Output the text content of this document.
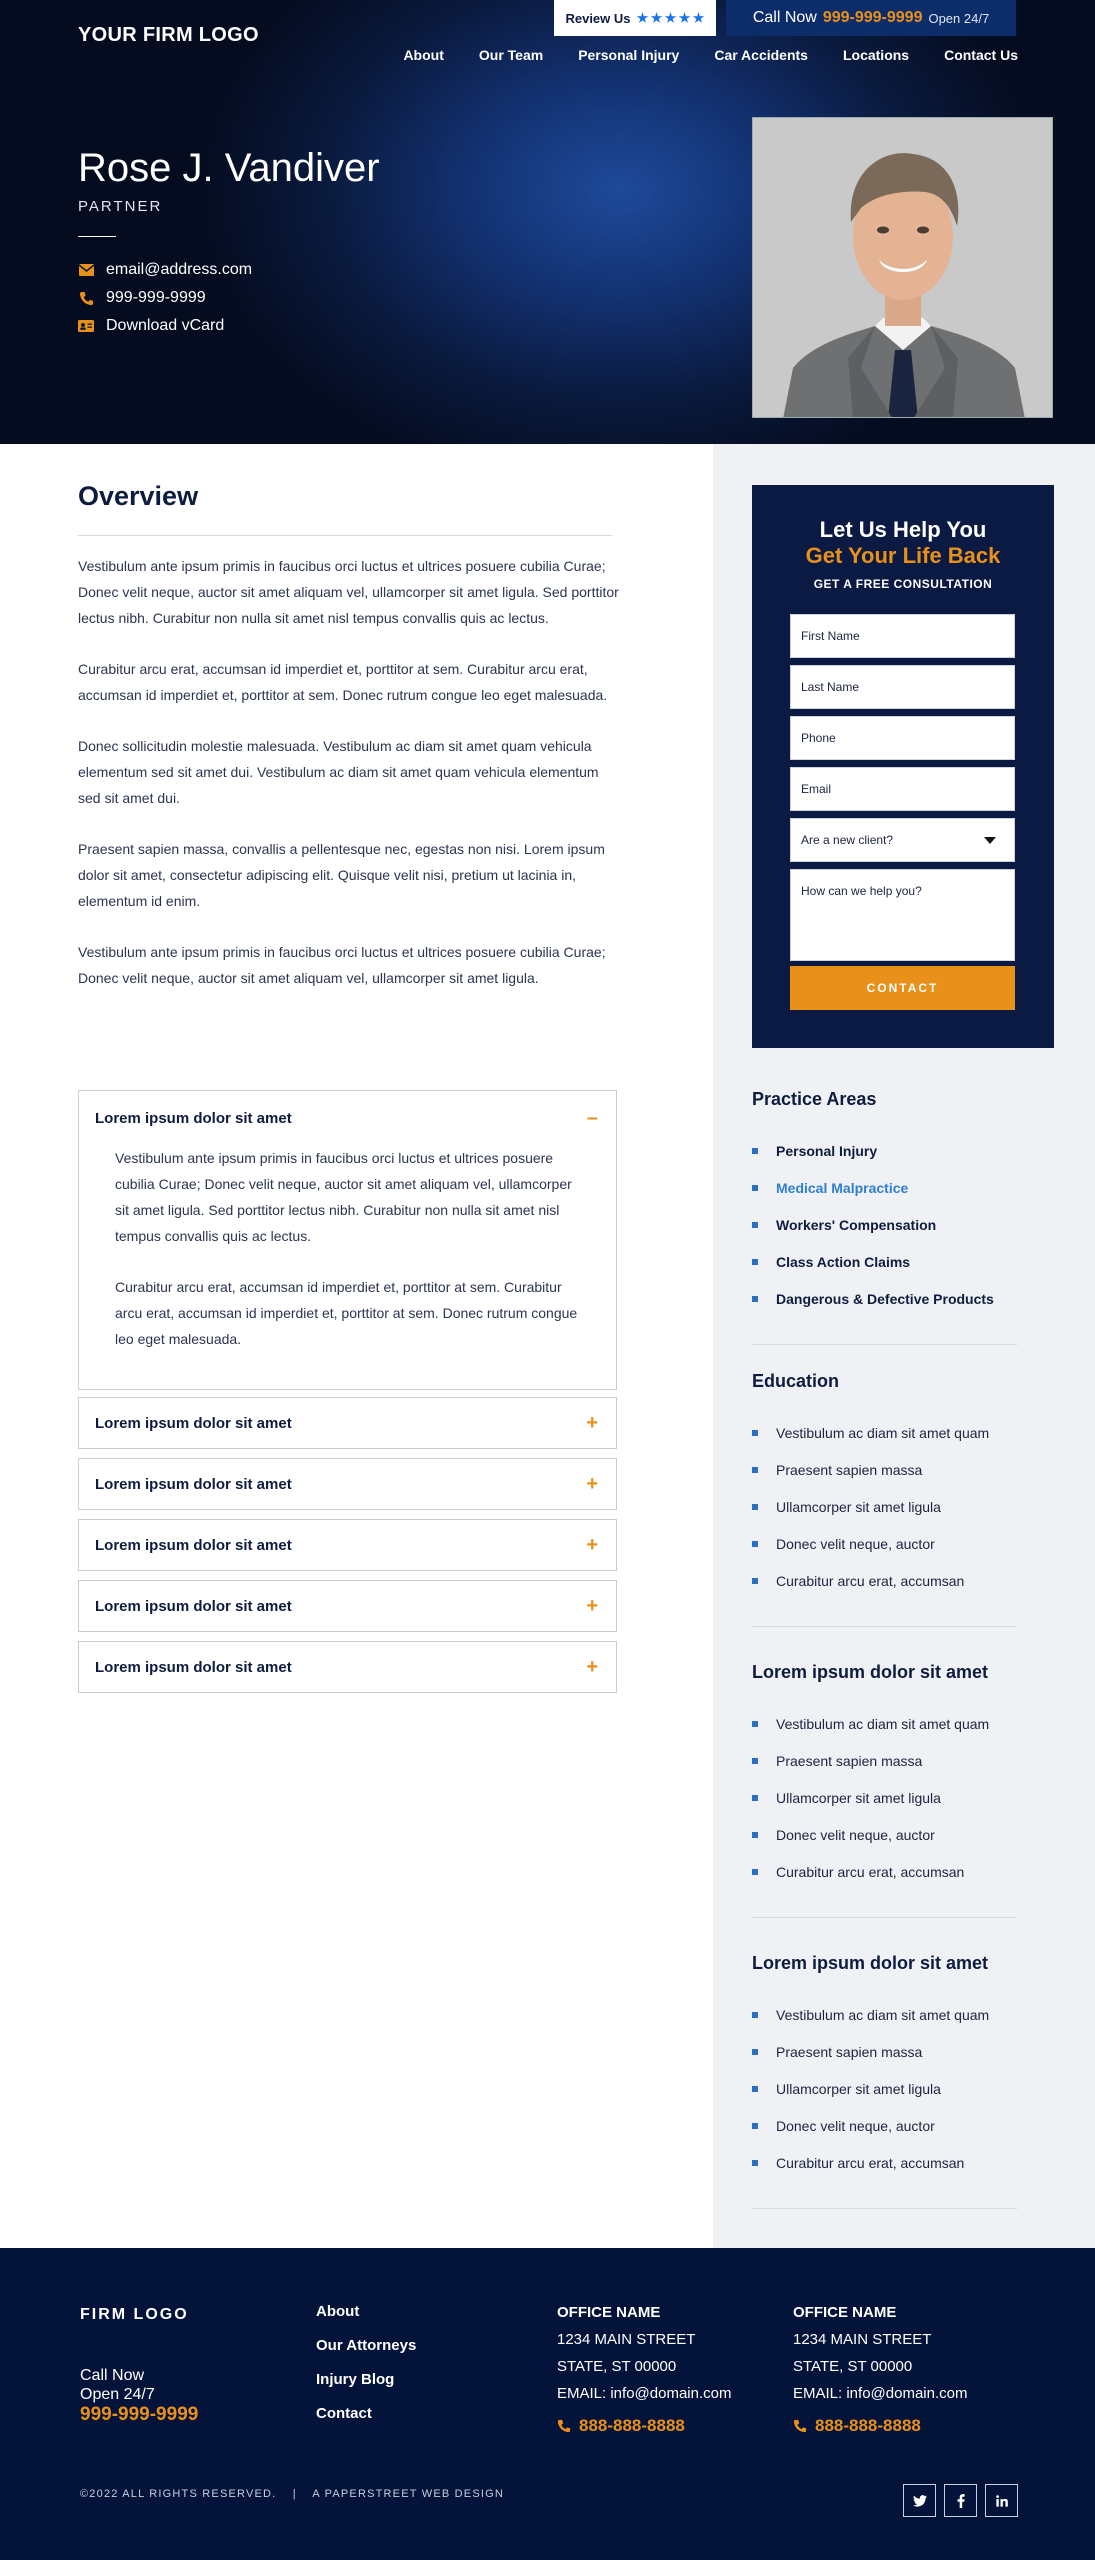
YOUR FIRM LOGO
Review Us	Call Now 999-999-9999 Open 24/7
About	Our Team	Personal Injury	Car Accidents	Locations	Contact Us
Rose J. Vandiver
PARTNER
email@address.com
999-999-9999
Download vCard
Overview

Vestibulum ante ipsum primis in faucibus orci luctus et ultrices posuere cubilia Curae; Donec velit neque, auctor sit amet aliquam vel, ullamcorper sit amet ligula. Sed porttitor lectus nibh. Curabitur non nulla sit amet nisl tempus convallis quis ac lectus.

Curabitur arcu erat, accumsan id imperdiet et, porttitor at sem. Curabitur arcu erat, accumsan id imperdiet et, porttitor at sem. Donec rutrum congue leo eget malesuada.

Donec sollicitudin molestie malesuada. Vestibulum ac diam sit amet quam vehicula elementum sed sit amet dui. Vestibulum ac diam sit amet quam vehicula elementum sed sit amet dui.

Praesent sapien massa, convallis a pellentesque nec, egestas non nisi. Lorem ipsum dolor sit amet, consectetur adipiscing elit. Quisque velit nisi, pretium ut lacinia in, elementum id enim.

Vestibulum ante ipsum primis in faucibus orci luctus et ultrices posuere cubilia Curae; Donec velit neque, auctor sit amet aliquam vel, ullamcorper sit amet ligula.

Lorem ipsum dolor sit amet	–

Vestibulum ante ipsum primis in faucibus orci luctus et ultrices posuere cubilia Curae; Donec velit neque, auctor sit amet aliquam vel, ullamcorper sit amet ligula. Sed porttitor lectus nibh. Curabitur non nulla sit amet nisl tempus convallis quis ac lectus.

Curabitur arcu erat, accumsan id imperdiet et, porttitor at sem. Curabitur arcu erat, accumsan id imperdiet et, porttitor at sem. Donec rutrum congue leo eget malesuada.

Lorem ipsum dolor sit amet	+
Lorem ipsum dolor sit amet	+
Lorem ipsum dolor sit amet	+
Lorem ipsum dolor sit amet	+
Lorem ipsum dolor sit amet	+
Let Us Help You
Get Your Life Back
GET A FREE CONSULTATION
First Name
Last Name
Phone
Email
Are a new client?
How can we help you?
CONTACT
Practice Areas
Personal Injury
Medical Malpractice
Workers' Compensation
Class Action Claims
Dangerous & Defective Products
Education
Vestibulum ac diam sit amet quam
Praesent sapien massa
Ullamcorper sit amet ligula
Donec velit neque, auctor
Curabitur arcu erat, accumsan
Lorem ipsum dolor sit amet
Vestibulum ac diam sit amet quam
Praesent sapien massa
Ullamcorper sit amet ligula
Donec velit neque, auctor
Curabitur arcu erat, accumsan
Lorem ipsum dolor sit amet
Vestibulum ac diam sit amet quam
Praesent sapien massa
Ullamcorper sit amet ligula
Donec velit neque, auctor
Curabitur arcu erat, accumsan
FIRM LOGO
Call Now
Open 24/7
999-999-9999
About
Our Attorneys
Injury Blog
Contact
OFFICE NAME
1234 MAIN STREET
STATE, ST 00000
EMAIL: info@domain.com
888-888-8888
OFFICE NAME
1234 MAIN STREET
STATE, ST 00000
EMAIL: info@domain.com
888-888-8888
©2022 ALL RIGHTS RESERVED. | A PAPERSTREET WEB DESIGN
